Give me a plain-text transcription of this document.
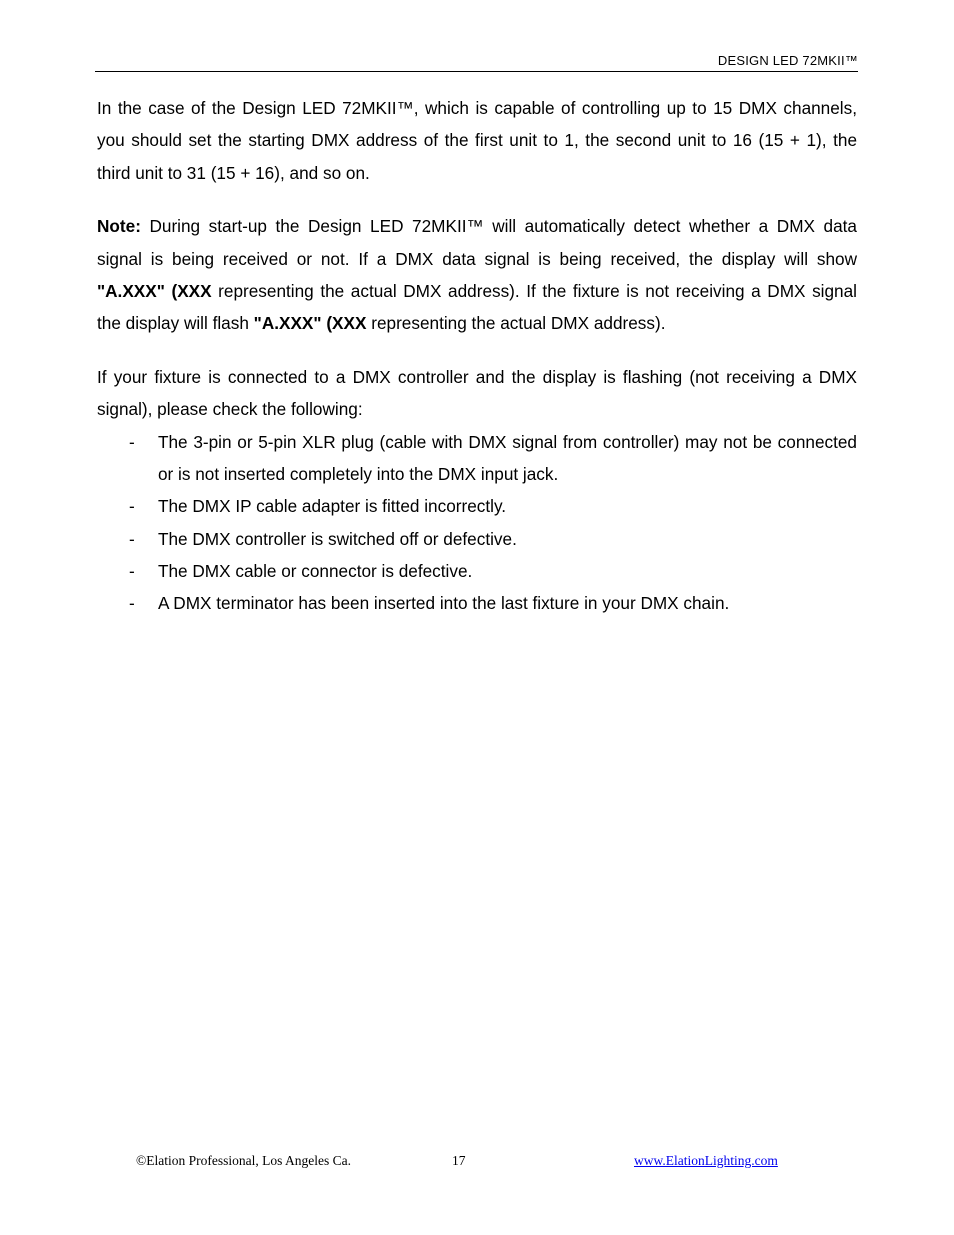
DESIGN LED 72MKII™

In the case of the Design LED 72MKII™, which is capable of controlling up to 15 DMX channels, you should set the starting DMX address of the first unit to 1, the second unit to 16 (15 + 1), the third unit to 31 (15 + 16), and so on.

Note: During start-up the Design LED 72MKII™ will automatically detect whether a DMX data signal is being received or not. If a DMX data signal is being received, the display will show "A.XXX" (XXX representing the actual DMX address). If the fixture is not receiving a DMX signal the display will flash "A.XXX" (XXX representing the actual DMX address).

If your fixture is connected to a DMX controller and the display is flashing (not receiving a DMX signal), please check the following:

- The 3-pin or 5-pin XLR plug (cable with DMX signal from controller) may not be connected or is not inserted completely into the DMX input jack.
- The DMX IP cable adapter is fitted incorrectly.
- The DMX controller is switched off or defective.
- The DMX cable or connector is defective.
- A DMX terminator has been inserted into the last fixture in your DMX chain.
©Elation Professional, Los Angeles Ca.	17	www.ElationLighting.com
